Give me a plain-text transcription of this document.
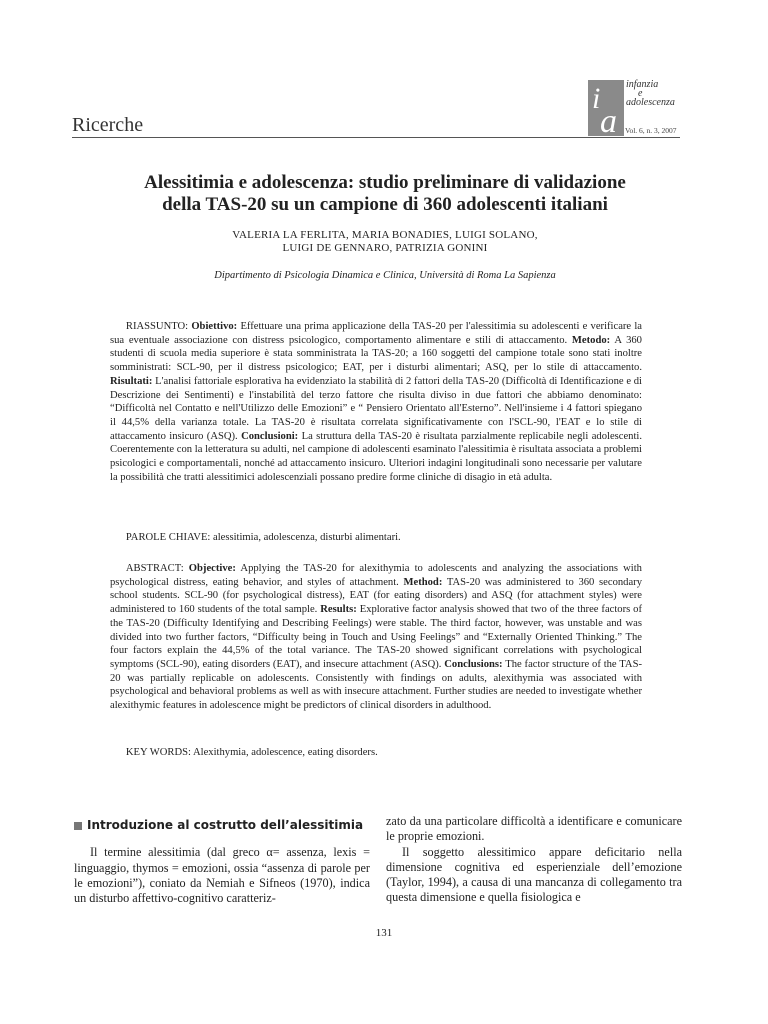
Ricerche
i
a
infanzia
e
adolescenza
Vol. 6, n. 3, 2007
Alessitimia e adolescenza: studio preliminare di validazione
della TAS-20 su un campione di 360 adolescenti italiani
VALERIA LA FERLITA, MARIA BONADIES, LUIGI SOLANO,
LUIGI DE GENNARO, PATRIZIA GONINI
Dipartimento di Psicologia Dinamica e Clinica, Università di Roma La Sapienza

  RIASSUNTO: Obiettivo: Effettuare una prima applicazione della TAS-20 per l'alessitimia su adolescenti e verificare la sua eventuale associazione con distress psicologico, comportamento alimentare e stili di attaccamento. Metodo: A 360 studenti di scuola media superiore è stata somministrata la TAS-20; a 160 soggetti del campione totale sono stati inoltre somministrati: SCL-90, per il distress psicologico; EAT, per i disturbi alimentari; ASQ, per lo stile di attaccamento. Risultati: L'analisi fattoriale esplorativa ha evidenziato la stabilità di 2 fattori della TAS-20 (Difficoltà di Identificazione e di Descrizione dei Sentimenti) e l'instabilità del terzo fattore che risulta diviso in due fattori che abbiamo denominato: “Difficoltà nel Contatto e nell'Utilizzo delle Emozioni” e “ Pensiero Orientato all'Esterno”. Nell'insieme i 4 fattori spiegano il 44,5% della varianza totale. La TAS-20 è risultata correlata significativamente con l'SCL-90, l'EAT e lo stile di attaccamento insicuro (ASQ). Conclusioni: La struttura della TAS-20 è risultata parzialmente replicabile negli adolescenti. Coerentemente con la letteratura su adulti, nel campione di adolescenti esaminato l'alessitimia è risultata associata a problemi psicologici e comportamentali, nonché ad attaccamento insicuro. Ulteriori indagini longitudinali sono necessarie per valutare la possibilità che tratti alessitimici adolescenziali possano predire forme cliniche di disagio in età adulta.

  PAROLE CHIAVE: alessitimia, adolescenza, disturbi alimentari.

  ABSTRACT: Objective: Applying the TAS-20 for alexithymia to adolescents and analyzing the associations with psychological distress, eating behavior, and styles of attachment. Method: TAS-20 was administered to 360 secondary school students. SCL-90 (for psychological distress), EAT (for eating disorders) and ASQ (for attachment styles) were administered to 160 students of the total sample. Results: Explorative factor analysis showed that two of the three factors of the TAS-20 (Difficulty Identifying and Describing Feelings) were stable. The third factor, however, was unstable and was divided into two further factors, “Difficulty being in Touch and Using Feelings” and “Externally Oriented Thinking.” The four factors explain the 44,5% of the total variance. The TAS-20 showed significant correlations with psychological symptoms (SCL-90), eating disorders (EAT), and insecure attachment (ASQ). Conclusions: The factor structure of the TAS-20 was partially replicable on adolescents. Consistently with findings on adults, alexithymia was associated with psychological and behavioral problems as well as with insecure attachment. Further studies are needed to investigate whether alexithymic features in adolescence might be predictors of clinical disorders in adulthood.

  KEY WORDS: Alexithymia, adolescence, eating disorders.

Introduzione al costrutto dell’alessitimia

Il termine alessitimia (dal greco α= assenza, lexis = linguaggio, thymos = emozioni, ossia “assenza di parole per le emozioni”), coniato da Nemiah e Sifneos (1970), indica un disturbo affettivo-cognitivo caratteriz-

zato da una particolare difficoltà a identificare e comunicare le proprie emozioni.

Il soggetto alessitimico appare deficitario nella dimensione cognitiva ed esperienziale dell’emozione (Taylor, 1994), a causa di una mancanza di collegamento tra questa dimensione e quella fisiologica e

131
